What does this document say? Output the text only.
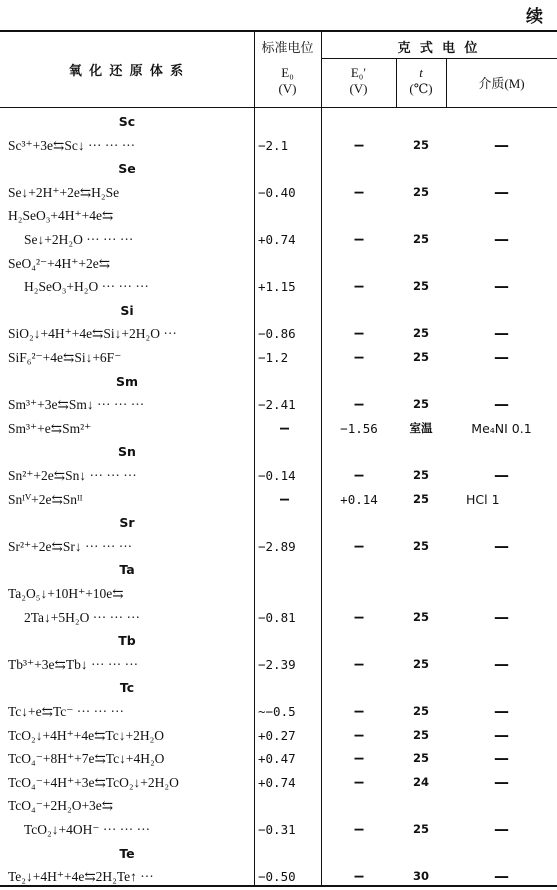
续
氧 化 还 原 体 系
标准电位	克 式 电 位
E₀
(V)
E₀′
(V)
t
(℃)	介质(M)
Sc
Sc³⁺+3e⇆Sc↓ ··· ··· ···	−2.1	—	25	—
Se
Se↓+2H⁺+2e⇆H₂Se	−0.40	—	25	—
H₂SeO₃+4H⁺+4e⇆
Se↓+2H₂O ··· ··· ···	+0.74	—	25	—
SeO₄²⁻+4H⁺+2e⇆
H₂SeO₃+H₂O ··· ··· ···	+1.15	—	25	—
Si
SiO₂↓+4H⁺+4e⇆Si↓+2H₂O ···	−0.86	—	25	—
SiF₆²⁻+4e⇆Si↓+6F⁻	−1.2	—	25	—
Sm
Sm³⁺+3e⇆Sm↓ ··· ··· ···	−2.41	—	25	—
Sm³⁺+e⇆Sm²⁺	—	−1.56	室温	Me₄NI 0.1
Sn
Sn²⁺+2e⇆Sn↓ ··· ··· ···	−0.14	—	25	—
Snᴵⱽ+2e⇆Snᴵᴵ	—	+0.14	25	HCl 1
Sr
Sr²⁺+2e⇆Sr↓ ··· ··· ···	−2.89	—	25	—
Ta
Ta₂O₅↓+10H⁺+10e⇆
2Ta↓+5H₂O ··· ··· ···	−0.81	—	25	—
Tb
Tb³⁺+3e⇆Tb↓ ··· ··· ···	−2.39	—	25	—
Tc
Tc↓+e⇆Tc⁻ ··· ··· ···	~−0.5	—	25	—
TcO₂↓+4H⁺+4e⇆Tc↓+2H₂O	+0.27	—	25	—
TcO₄⁻+8H⁺+7e⇆Tc↓+4H₂O	+0.47	—	25	—
TcO₄⁻+4H⁺+3e⇆TcO₂↓+2H₂O	+0.74	—	24	—
TcO₄⁻+2H₂O+3e⇆
TcO₂↓+4OH⁻ ··· ··· ···	−0.31	—	25	—
Te
Te₂↓+4H⁺+4e⇆2H₂Te↑ ···	−0.50	—	30	—
